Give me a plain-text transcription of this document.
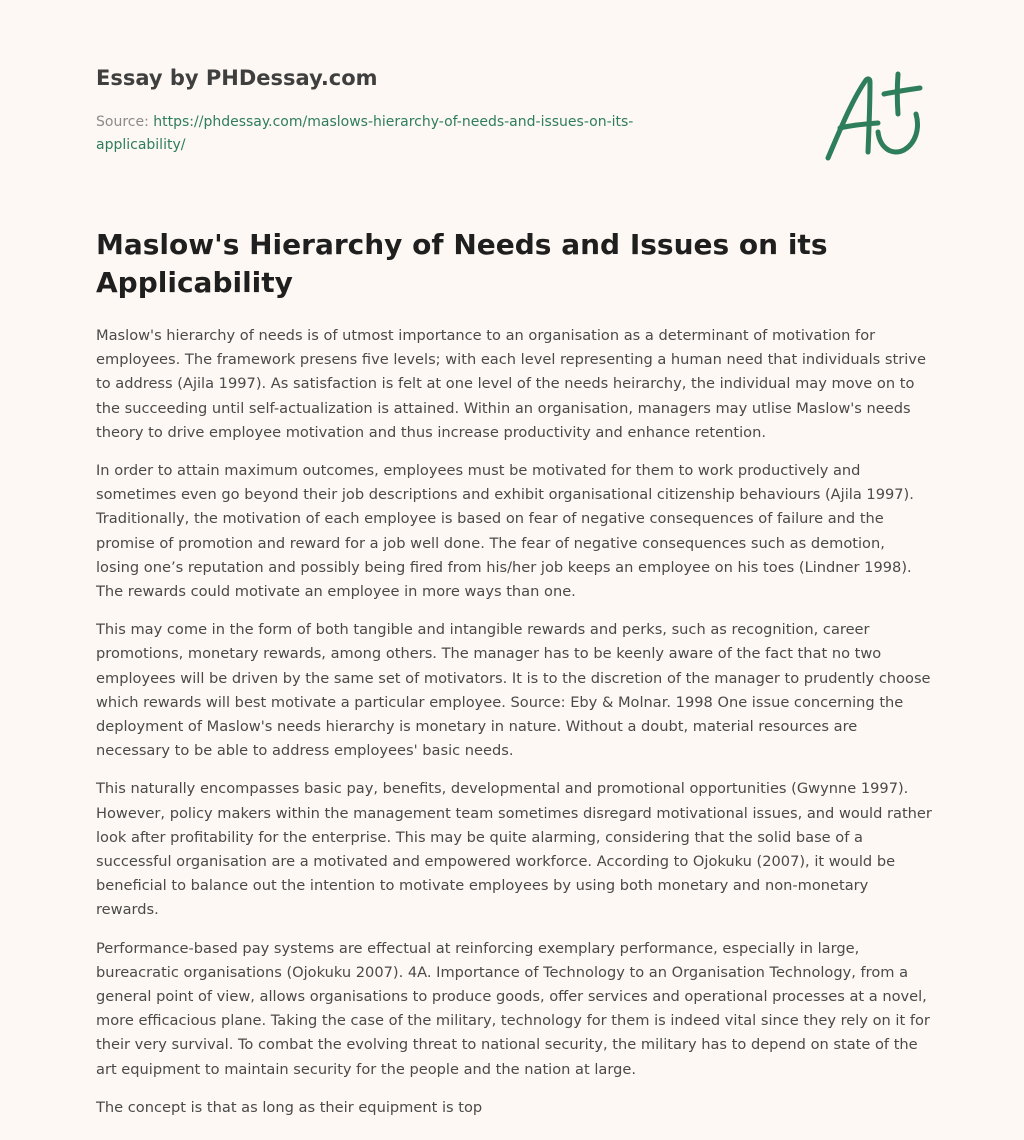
Essay by PHDessay.com
Source: https://phdessay.com/maslows-hierarchy-of-needs-and-issues-on-its-applicability/
Maslow's Hierarchy of Needs and Issues on its Applicability

Maslow's hierarchy of needs is of utmost importance to an organisation as a determinant of motivation for employees. The framework presens five levels; with each level representing a human need that individuals strive to address (Ajila 1997). As satisfaction is felt at one level of the needs heirarchy, the individual may move on to the succeeding until self-actualization is attained. Within an organisation, managers may utlise Maslow's needs theory to drive employee motivation and thus increase productivity and enhance retention.

In order to attain maximum outcomes, employees must be motivated for them to work productively and sometimes even go beyond their job descriptions and exhibit organisational citizenship behaviours (Ajila 1997). Traditionally, the motivation of each employee is based on fear of negative consequences of failure and the promise of promotion and reward for a job well done. The fear of negative consequences such as demotion, losing one’s reputation and possibly being fired from his/her job keeps an employee on his toes (Lindner 1998). The rewards could motivate an employee in more ways than one.

This may come in the form of both tangible and intangible rewards and perks, such as recognition, career promotions, monetary rewards, among others. The manager has to be keenly aware of the fact that no two employees will be driven by the same set of motivators. It is to the discretion of the manager to prudently choose which rewards will best motivate a particular employee. Source: Eby & Molnar. 1998 One issue concerning the deployment of Maslow's needs hierarchy is monetary in nature. Without a doubt, material resources are necessary to be able to address employees' basic needs.

This naturally encompasses basic pay, benefits, developmental and promotional opportunities (Gwynne 1997). However, policy makers within the management team sometimes disregard motivational issues, and would rather look after profitability for the enterprise. This may be quite alarming, considering that the solid base of a successful organisation are a motivated and empowered workforce. According to Ojokuku (2007), it would be beneficial to balance out the intention to motivate employees by using both monetary and non-monetary rewards.

Performance-based pay systems are effectual at reinforcing exemplary performance, especially in large, bureacratic organisations (Ojokuku 2007). 4A. Importance of Technology to an Organisation Technology, from a general point of view, allows organisations to produce goods, offer services and operational processes at a novel, more efficacious plane. Taking the case of the military, technology for them is indeed vital since they rely on it for their very survival. To combat the evolving threat to national security, the military has to depend on state of the art equipment to maintain security for the people and the nation at large.

The concept is that as long as their equipment is top
